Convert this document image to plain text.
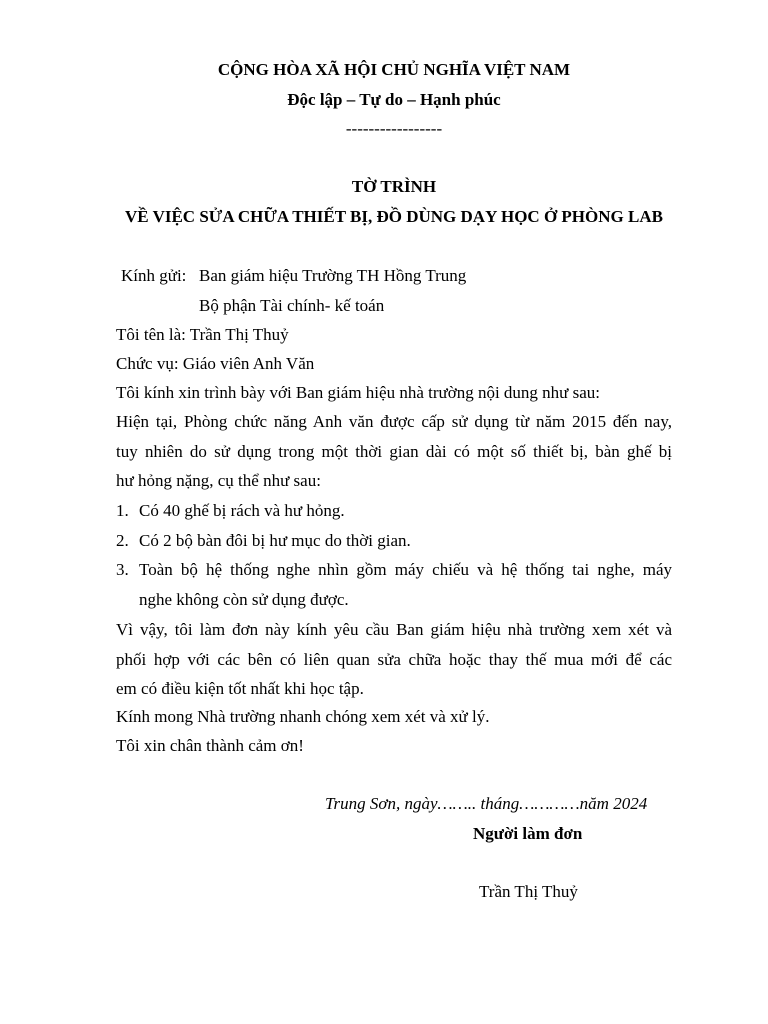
CỘNG HÒA XÃ HỘI CHỦ NGHĨA VIỆT NAM
Độc lập – Tự do – Hạnh phúc
-----------------
TỜ TRÌNH
VỀ VIỆC SỬA CHỮA THIẾT BỊ, ĐỒ DÙNG DẠY HỌC Ở PHÒNG LAB
Kính gửi: Ban giám hiệu Trường TH Hồng Trung
Bộ phận Tài chính- kế toán
Tôi tên là: Trần Thị Thuỷ
Chức vụ: Giáo viên Anh Văn
Tôi kính xin trình bày với Ban giám hiệu nhà trường nội dung như sau:
Hiện tại, Phòng chức năng Anh văn được cấp sử dụng từ năm 2015 đến nay,
tuy nhiên do sử dụng trong một thời gian dài có một số thiết bị, bàn ghế bị
hư hỏng nặng, cụ thể như sau:
1. Có 40 ghế bị rách và hư hỏng.
2. Có 2 bộ bàn đôi bị hư mục do thời gian.
3. Toàn bộ hệ thống nghe nhìn gồm máy chiếu và hệ thống tai nghe, máy
nghe không còn sử dụng được.
Vì vậy, tôi làm đơn này kính yêu cầu Ban giám hiệu nhà trường xem xét và
phối hợp với các bên có liên quan sửa chữa hoặc thay thế mua mới để các
em có điều kiện tốt nhất khi học tập.
Kính mong Nhà trường nhanh chóng xem xét và xử lý.
Tôi xin chân thành cảm ơn!
Trung Sơn, ngày…….. tháng…………năm 2024
Người làm đơn
Trần Thị Thuỷ
